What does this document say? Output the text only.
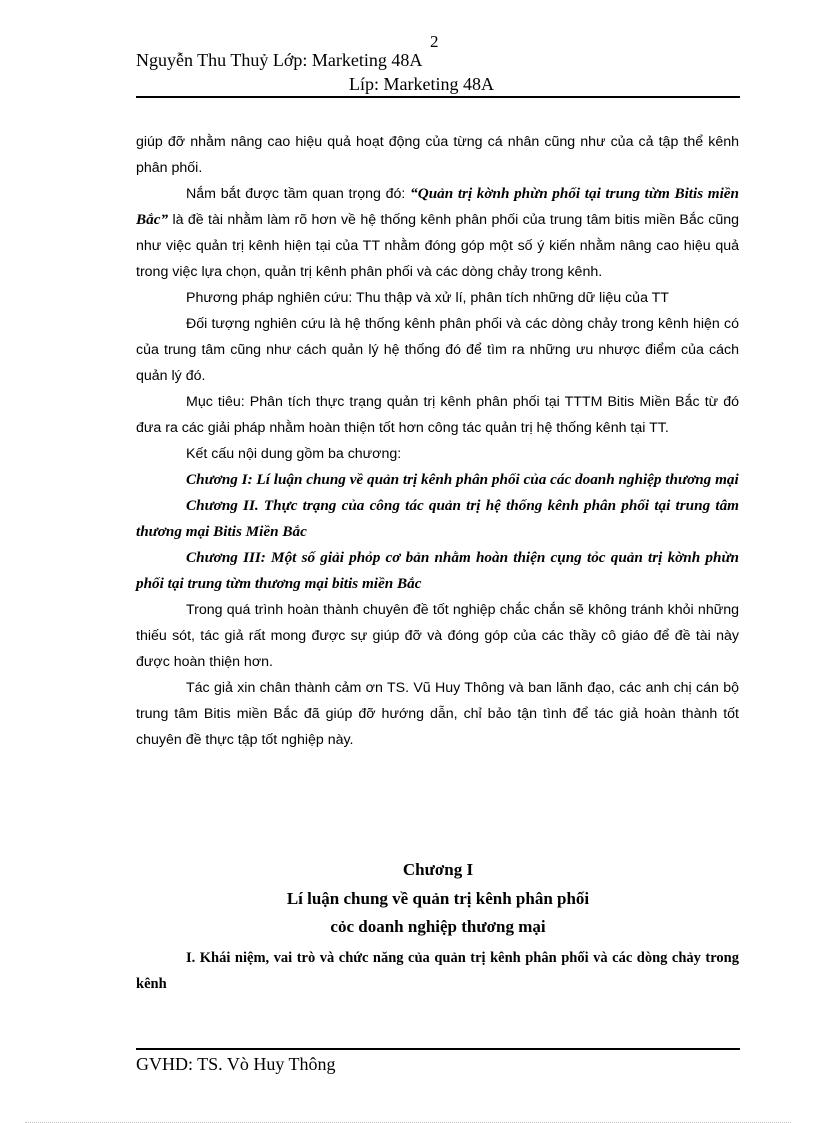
2
Nguyễn Thu Thuỷ Lớp: Marketing 48A
Líp: Marketing 48A

giúp đỡ nhằm nâng cao hiệu quả hoạt động của từng cá nhân cũng như của cả tập thể kênh phân phối.

Nắm bắt được tầm quan trọng đó: “Quản trị kờnh phừn phối tại trung từm Bitis miền Bắc” là đề tài nhằm làm rõ hơn về hệ thống kênh phân phối của trung tâm bitis miền Bắc cũng như việc quản trị kênh hiện tại của TT nhằm đóng góp một số ý kiến nhằm nâng cao hiệu quả trong việc lựa chọn, quản trị kênh phân phối và các dòng chảy trong kênh.

Phương pháp nghiên cứu: Thu thập và xử lí, phân tích những dữ liệu của TT

Đối tượng nghiên cứu là hệ thống kênh phân phối và các dòng chảy trong kênh hiện có của trung tâm cũng như cách quản lý hệ thống đó để tìm ra những ưu nhược điểm của cách quản lý đó.

Mục tiêu: Phân tích thực trạng quản trị kênh phân phối tại TTTM Bitis Miền Bắc từ đó đưa ra các giải pháp nhằm hoàn thiện tốt hơn công tác quản trị hệ thống kênh tại TT.

Kết cấu nội dung gồm ba chương:

Chương I: Lí luận chung về quản trị kênh phân phối của các doanh nghiệp thương mại

Chương II. Thực trạng của công tác quản trị hệ thống kênh phân phối tại trung tâm thương mại Bitis Miền Bắc

Chương III: Một số giải phỏp cơ bản nhằm hoàn thiện cụng tỏc quản trị kờnh phừn phối tại trung từm thương mại bitis miền Bắc

Trong quá trình hoàn thành chuyên đề tốt nghiệp chắc chắn sẽ không tránh khỏi những thiếu sót, tác giả rất mong được sự giúp đỡ và đóng góp của các thầy cô giáo để đề tài này được hoàn thiện hơn.

Tác giả xin chân thành cảm ơn TS. Vũ Huy Thông và ban lãnh đạo, các anh chị cán bộ trung tâm Bitis miền Bắc đã giúp đỡ hướng dẫn, chỉ bảo tận tình để tác giả hoàn thành tốt chuyên đề thực tập tốt nghiệp này.

Chương I
Lí luận chung về quản trị kênh phân phối
cỏc doanh nghiệp thương mại
I. Khái niệm, vai trò và chức năng của quản trị kênh phân phối và các dòng chảy trong kênh
GVHD: TS. Vò Huy Thông
